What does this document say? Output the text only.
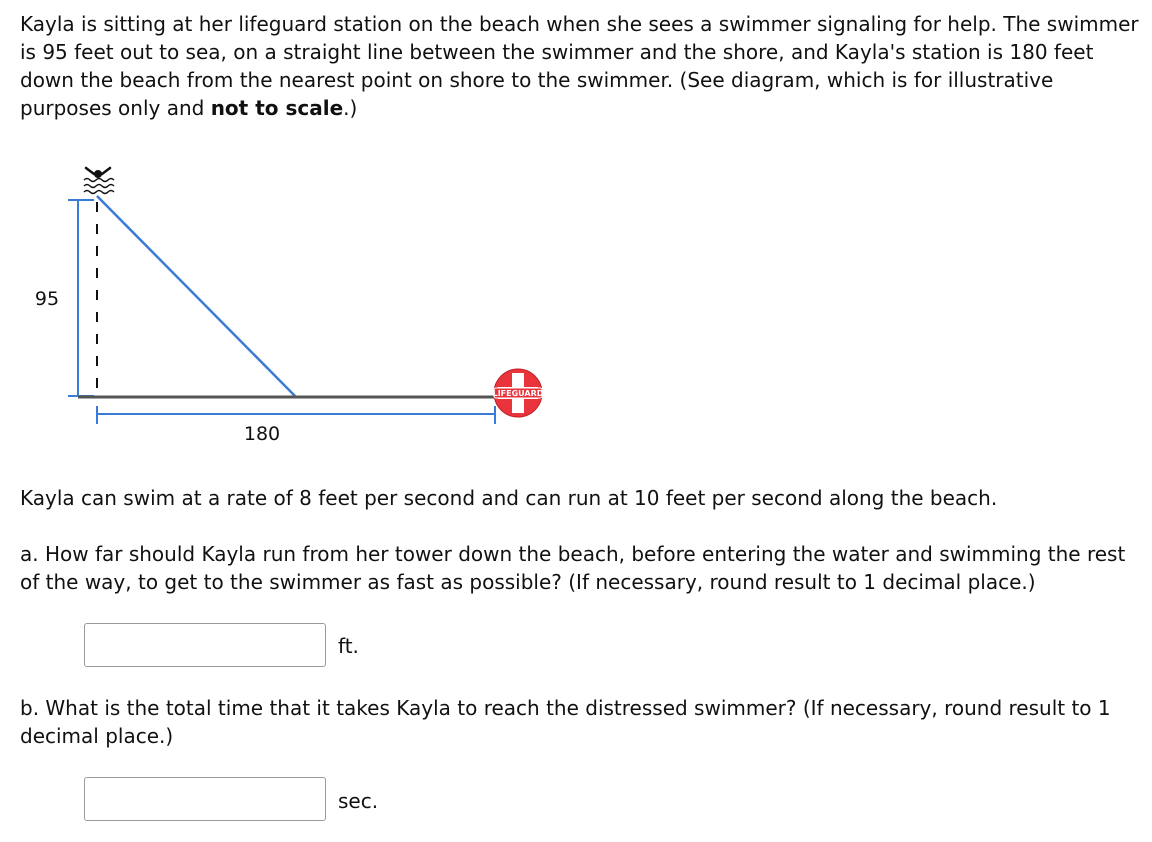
Kayla is sitting at her lifeguard station on the beach when she sees a swimmer signaling for help. The swimmer is 95 feet out to sea, on a straight line between the swimmer and the shore, and Kayla's station is 180 feet down the beach from the nearest point on shore to the swimmer. (See diagram, which is for illustrative purposes only and not to scale.)

95
180
LIFEGUARD

Kayla can swim at a rate of 8 feet per second and can run at 10 feet per second along the beach.

a. How far should Kayla run from her tower down the beach, before entering the water and swimming the rest of the way, to get to the swimmer as fast as possible? (If necessary, round result to 1 decimal place.)

ft.

b. What is the total time that it takes Kayla to reach the distressed swimmer? (If necessary, round result to 1 decimal place.)

sec.
